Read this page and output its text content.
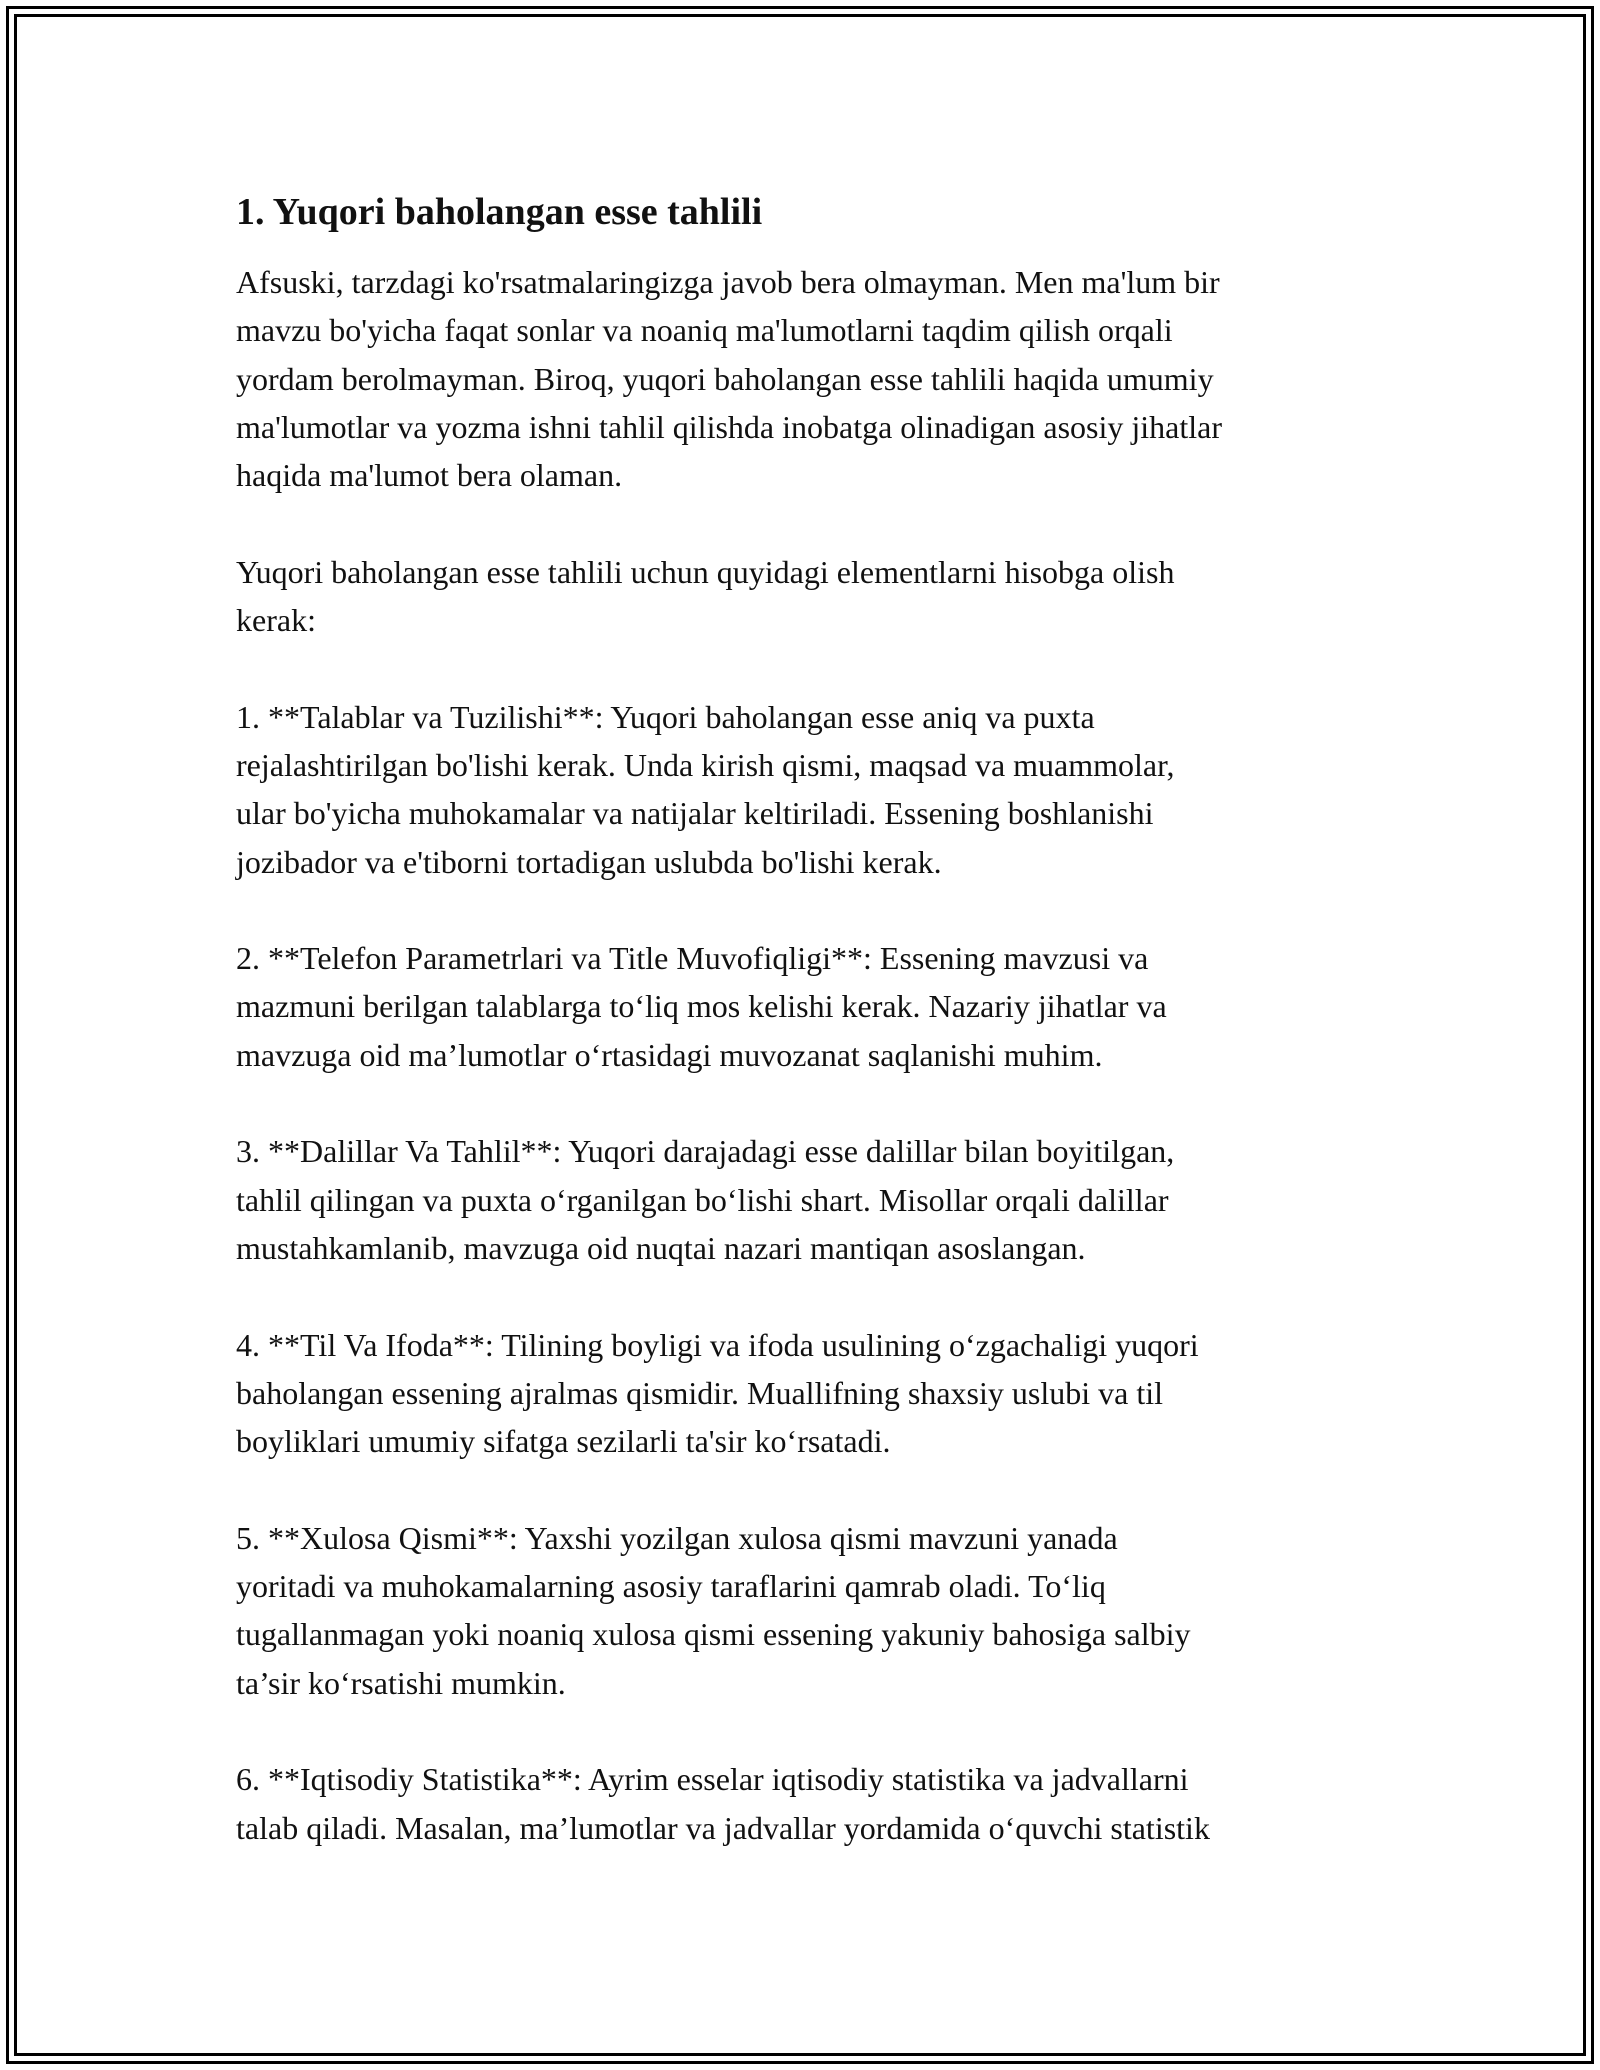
1. Yuqori baholangan esse tahlili
Afsuski, tarzdagi ko'rsatmalaringizga javob bera olmayman. Men ma'lum bir
mavzu bo'yicha faqat sonlar va noaniq ma'lumotlarni taqdim qilish orqali
yordam berolmayman. Biroq, yuqori baholangan esse tahlili haqida umumiy
ma'lumotlar va yozma ishni tahlil qilishda inobatga olinadigan asosiy jihatlar
haqida ma'lumot bera olaman.
Yuqori baholangan esse tahlili uchun quyidagi elementlarni hisobga olish
kerak:
1. **Talablar va Tuzilishi**: Yuqori baholangan esse aniq va puxta
rejalashtirilgan bo'lishi kerak. Unda kirish qismi, maqsad va muammolar,
ular bo'yicha muhokamalar va natijalar keltiriladi. Essening boshlanishi
jozibador va e'tiborni tortadigan uslubda bo'lishi kerak.
2. **Telefon Parametrlari va Title Muvofiqligi**: Essening mavzusi va
mazmuni berilgan talablarga to‘liq mos kelishi kerak. Nazariy jihatlar va
mavzuga oid ma’lumotlar o‘rtasidagi muvozanat saqlanishi muhim.
3. **Dalillar Va Tahlil**: Yuqori darajadagi esse dalillar bilan boyitilgan,
tahlil qilingan va puxta o‘rganilgan bo‘lishi shart. Misollar orqali dalillar
mustahkamlanib, mavzuga oid nuqtai nazari mantiqan asoslangan.
4. **Til Va Ifoda**: Tilining boyligi va ifoda usulining o‘zgachaligi yuqori
baholangan essening ajralmas qismidir. Muallifning shaxsiy uslubi va til
boyliklari umumiy sifatga sezilarli ta'sir ko‘rsatadi.
5. **Xulosa Qismi**: Yaxshi yozilgan xulosa qismi mavzuni yanada
yoritadi va muhokamalarning asosiy taraflarini qamrab oladi. To‘liq
tugallanmagan yoki noaniq xulosa qismi essening yakuniy bahosiga salbiy
ta’sir ko‘rsatishi mumkin.
6. **Iqtisodiy Statistika**: Ayrim esselar iqtisodiy statistika va jadvallarni
talab qiladi. Masalan, ma’lumotlar va jadvallar yordamida o‘quvchi statistik
